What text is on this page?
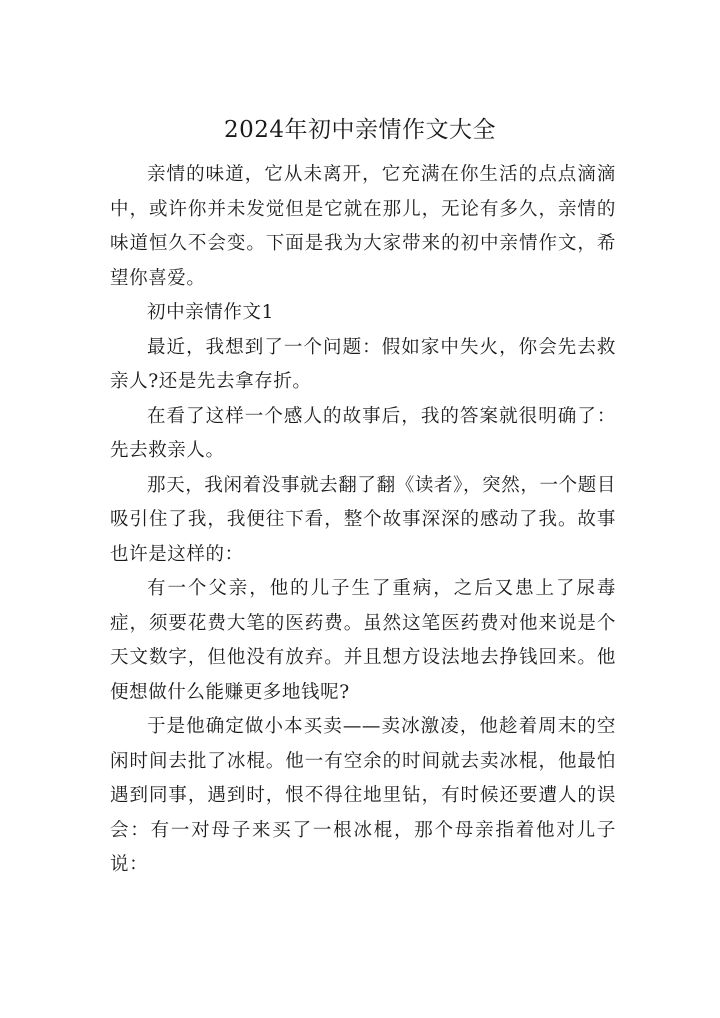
2024年初中亲情作文大全

亲情的味道，它从未离开，它充满在你生活的点点滴滴中，或许你并未发觉但是它就在那儿，无论有多久，亲情的味道恒久不会变。下面是我为大家带来的初中亲情作文，希望你喜爱。

初中亲情作文1

最近，我想到了一个问题：假如家中失火，你会先去救亲人?还是先去拿存折。

在看了这样一个感人的故事后，我的答案就很明确了：先去救亲人。

那天，我闲着没事就去翻了翻《读者》，突然，一个题目吸引住了我，我便往下看，整个故事深深的感动了我。故事也许是这样的：

有一个父亲，他的儿子生了重病，之后又患上了尿毒症，须要花费大笔的医药费。虽然这笔医药费对他来说是个天文数字，但他没有放弃。并且想方设法地去挣钱回来。他便想做什么能赚更多地钱呢?

于是他确定做小本买卖——卖冰激凌，他趁着周末的空闲时间去批了冰棍。他一有空余的时间就去卖冰棍，他最怕遇到同事，遇到时，恨不得往地里钻，有时候还要遭人的误会：有一对母子来买了一根冰棍，那个母亲指着他对儿子说：
